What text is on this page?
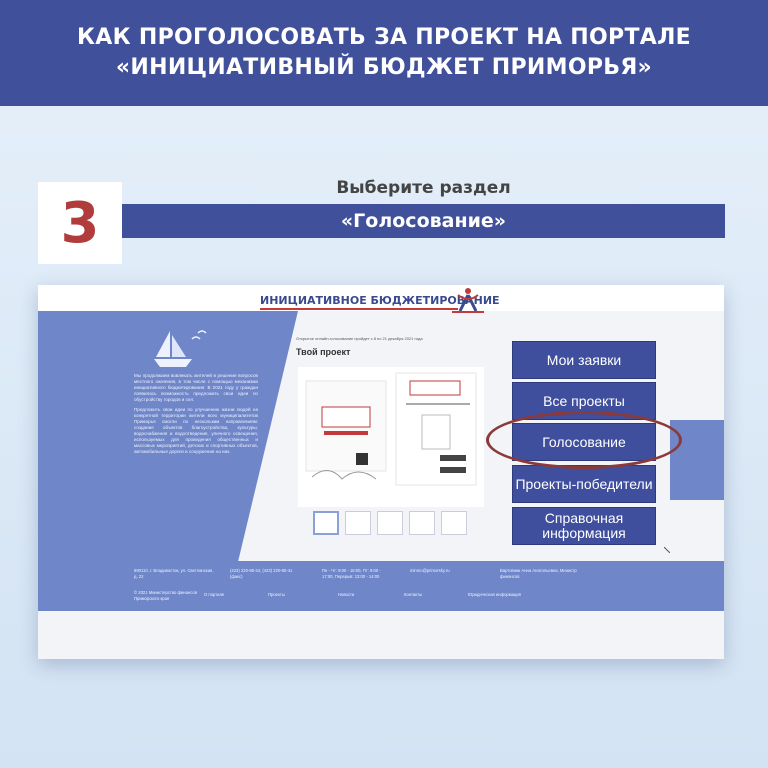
КАК ПРОГОЛОСОВАТЬ ЗА ПРОЕКТ НА ПОРТАЛЕ
«ИНИЦИАТИВНЫЙ БЮДЖЕТ ПРИМОРЬЯ»
3
Выберите раздел
«Голосование»
ИНИЦИАТИВНОЕ БЮДЖЕТИРОВАНИЕ

Мы продолжаем вовлекать жителей в решение вопросов местного значения, в том числе с помощью механизма инициативного бюджетирования. В 2021 году у граждан появилась возможность предложить свои идеи по обустройству городов и сел.

Предложить свои идеи по улучшению жизни людей на конкретной территории жители всех муниципалитетов Приморья смогли по нескольким направлениям: создание объектов благоустройства, культуры, водоснабжения и водоотведения, уличного освещения, используемых для проведения общественных и массовых мероприятий, детских и спортивных объектов, автомобильные дороги и сооружения на них.

Открытое онлайн-голосование пройдет с 8 по 21 декабря 2021 года
Твой проект	Мои заявки
Все проекты
Голосование
Проекты-победители
Справочная информация
690110, г. Владивосток, ул. Светланская, д. 22
(423) 220-88-34, (423) 220-80-41 (факс)
Пн - Чт: 9:00 - 18:00, Пт: 9:00 - 17:00, Перерыв: 13:00 - 14:00
minmo@primorsky.ru	Вартовник Анна Анатольевна, Министр финансов
© 2021 Министерство финансов Приморского края
О портале	Проекты	Новости	Контакты	Юридическая информация
